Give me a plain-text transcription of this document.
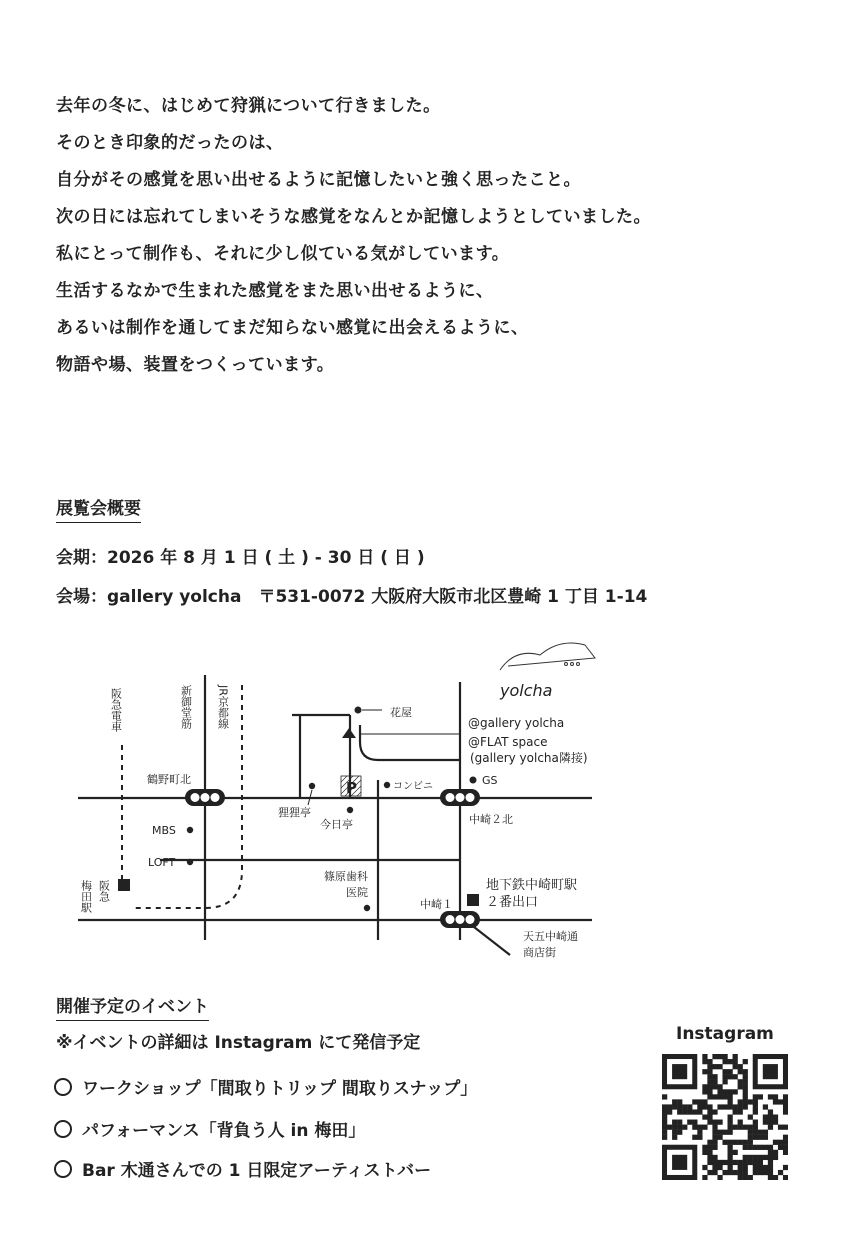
去年の冬に、はじめて狩猟について行きました。
そのとき印象的だったのは、
自分がその感覚を思い出せるように記憶したいと強く思ったこと。
次の日には忘れてしまいそうな感覚をなんとか記憶しようとしていました。
私にとって制作も、それに少し似ている気がしています。
生活するなかで生まれた感覚をまた思い出せるように、
あるいは制作を通してまだ知らない感覚に出会えるように、
物語や場、装置をつくっています。
展覧会概要
会期：2026 年 8 月 1 日 ( 土 ) - 30 日 ( 日 )
会場：gallery yolcha　〒531-0072 大阪府大阪市北区豊崎 1 丁目 1-14
P
yolcha
花屋
@gallery yolcha
@FLAT space
(gallery yolcha隣接)
GS
コンビニ
鶴野町北
狸狸亭
今日亭	中崎２北
MBS
LOFT
篠原歯科
医院
中崎１
地下鉄中崎町駅
２番出口
天五中崎通
商店街
阪急電車	新御堂筋 JR京都線
梅田駅 阪急
開催予定のイベント
※イベントの詳細は Instagram にて発信予定
ワークショップ「間取りトリップ 間取りスナップ」
パフォーマンス「背負う人 in 梅田」
Bar 木通さんでの 1 日限定アーティストバー
Instagram
